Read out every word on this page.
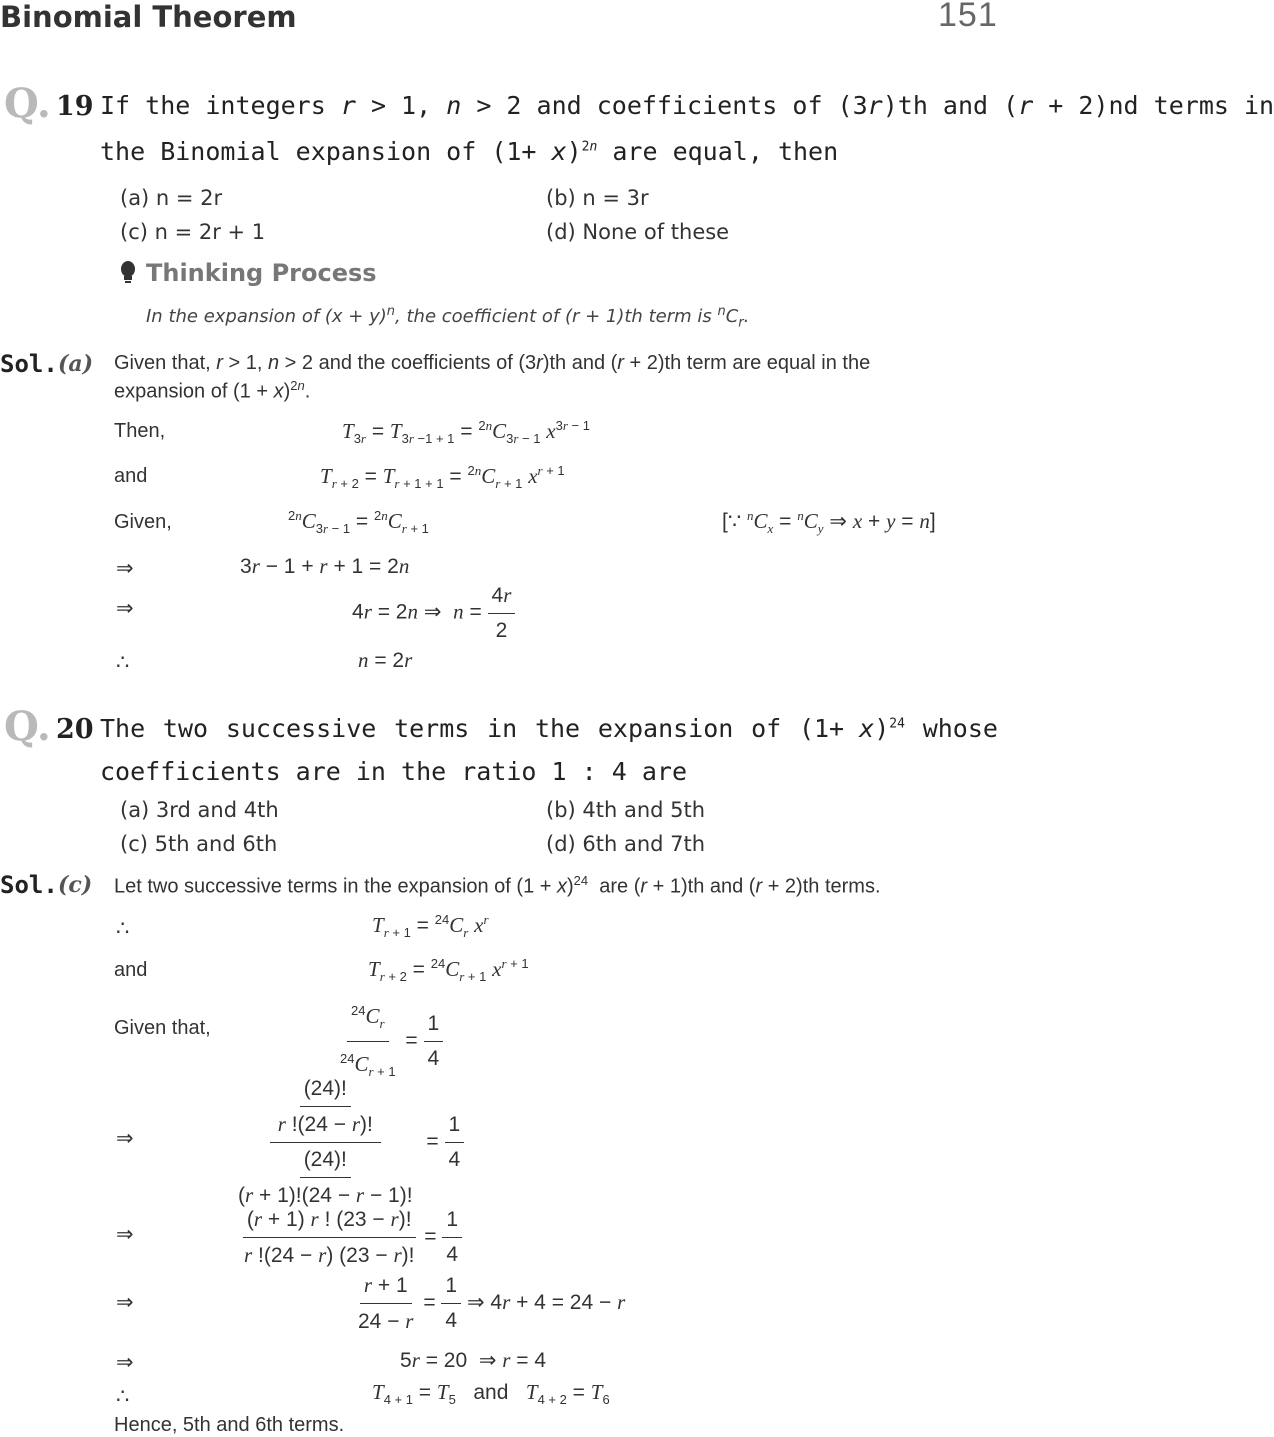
Binomial Theorem	151
Q. 19 If the integers r > 1, n > 2 and coefficients of (3r)th and (r + 2)nd terms in
the Binomial expansion of $(1+ x)^{2n}$ are equal, then
(a) n = 2r	(b) n = 3r
(c) n = 2r + 1	(d) None of these
Thinking Process
In the expansion of $(x + y)^n$, the coefficient of (r + 1)th term is $^nC_r$.
Sol. (a) Given that, r > 1, n > 2 and the coefficients of (3r)th and (r + 2)th term are equal in the
expansion of $(1 + x)^{2n}$.
Then,	$T_{3r} = T_{3r -1 + 1} = ^{2n}C_{3r - 1}$ $x^{3r - 1}$
and	$T_{r + 2} = T_{r + 1 + 1} = ^{2n}C_{r + 1}$ $x^{r + 1}$
Given,	$^{2n}C_{3r - 1} = ^{2n}C_{r + 1}$	[∵ $^nC_x = ^nC_y$ ⇒ x + y = n]
⇒	3r − 1 + r + 1 = 2n
⇒	4r = 2n ⇒  $n = \frac{4r}{2}$
∴	n = 2r
Q. 20 The two successive terms in the expansion of $(1+ x)^{24}$ whose
coefficients are in the ratio 1 : 4 are
(a) 3rd and 4th	(b) 4th and 5th
(c) 5th and 6th	(d) 6th and 7th
Sol. (c) Let two successive terms in the expansion of $(1 + x)^{24}$  are (r + 1)th and (r + 2)th terms.
∴	$T_{r + 1} = ^{24}C_r$ $x^r$
and	$T_{r + 2} = ^{24}C_{r + 1}$ $x^{r + 1}$
Given that,	$\frac{^{24}C_r}{^{24}C_{r + 1}} = \frac{1}{4}$
⇒	$\frac{\frac{(24)!}{r !(24 - r)!}}{\frac{(24)!}{(r + 1)!(24 - r - 1)!}} = \frac{1}{4}$
⇒	$\frac{(r + 1) r ! (23 - r)!}{r !(24 - r) (23 - r)!} = \frac{1}{4}$
⇒	$\frac{r + 1}{24 - r} = \frac{1}{4}$ ⇒ 4r + 4 = 24 − r
⇒	5r = 20  ⇒ r = 4
∴	$T_{4 + 1} = T_5$   and   $T_{4 + 2} = T_6$
Hence, 5th and 6th terms.
